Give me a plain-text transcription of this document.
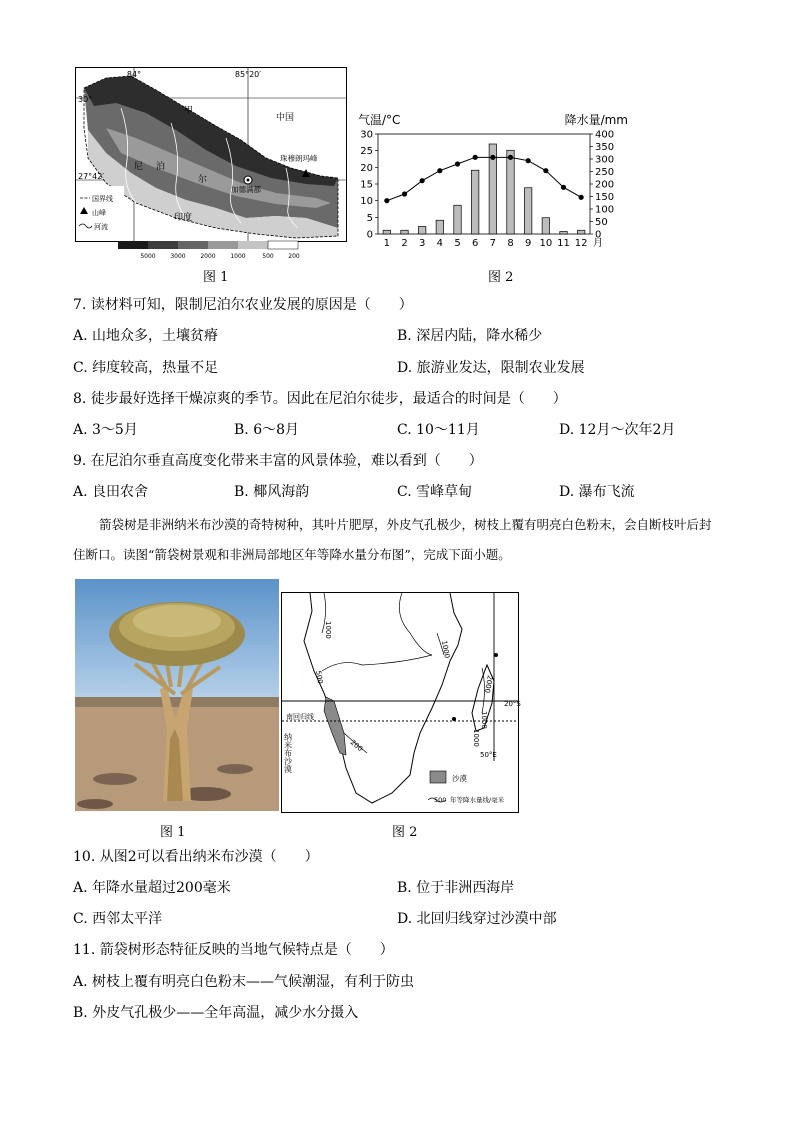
84°	85°20′
30°
27°42′
中国
甲
尼 泊
尔
珠穆朗玛峰
加德满都
印度
国界线
山峰
河流
5000 3000 2000 1000	500 200
图 1
气温/°C	降水量/mm
0
5
10
15
20
25
30
0
50
100
150
200
250
300
350
400
1 2 3 4 5 6 7 8 9 10 11 12 月
图 2
7. 读材料可知，限制尼泊尔农业发展的原因是（　　）
A. 山地众多，土壤贫瘠	B. 深居内陆，降水稀少
C. 纬度较高，热量不足	D. 旅游业发达，限制农业发展
8. 徒步最好选择干燥凉爽的季节。因此在尼泊尔徒步，最适合的时间是（　　）
A. 3～5月	B. 6～8月	C. 10～11月	D. 12月～次年2月
9. 在尼泊尔垂直高度变化带来丰富的风景体验，难以看到（　　）
A. 良田农舍	B. 椰风海韵	C. 雪峰草甸	D. 瀑布飞流
箭袋树是非洲纳米布沙漠的奇特树种，其叶片肥厚，外皮气孔极少，树枝上覆有明亮白色粉末，会自断枝叶后封住断口。读图“箭袋树景观和非洲局部地区年等降水量分布图”，完成下面小题。
图 1
南回归线
纳米布沙漠
20°S
50°E
沙漠
500 年等降水量线/毫米
1000
500
200
1000
1000
2000
1000
图 2
10. 从图2可以看出纳米布沙漠（　　）
A. 年降水量超过200毫米	B. 位于非洲西海岸
C. 西邻太平洋	D. 北回归线穿过沙漠中部
11. 箭袋树形态特征反映的当地气候特点是（　　）
A. 树枝上覆有明亮白色粉末——气候潮湿，有利于防虫
B. 外皮气孔极少——全年高温，减少水分摄入
